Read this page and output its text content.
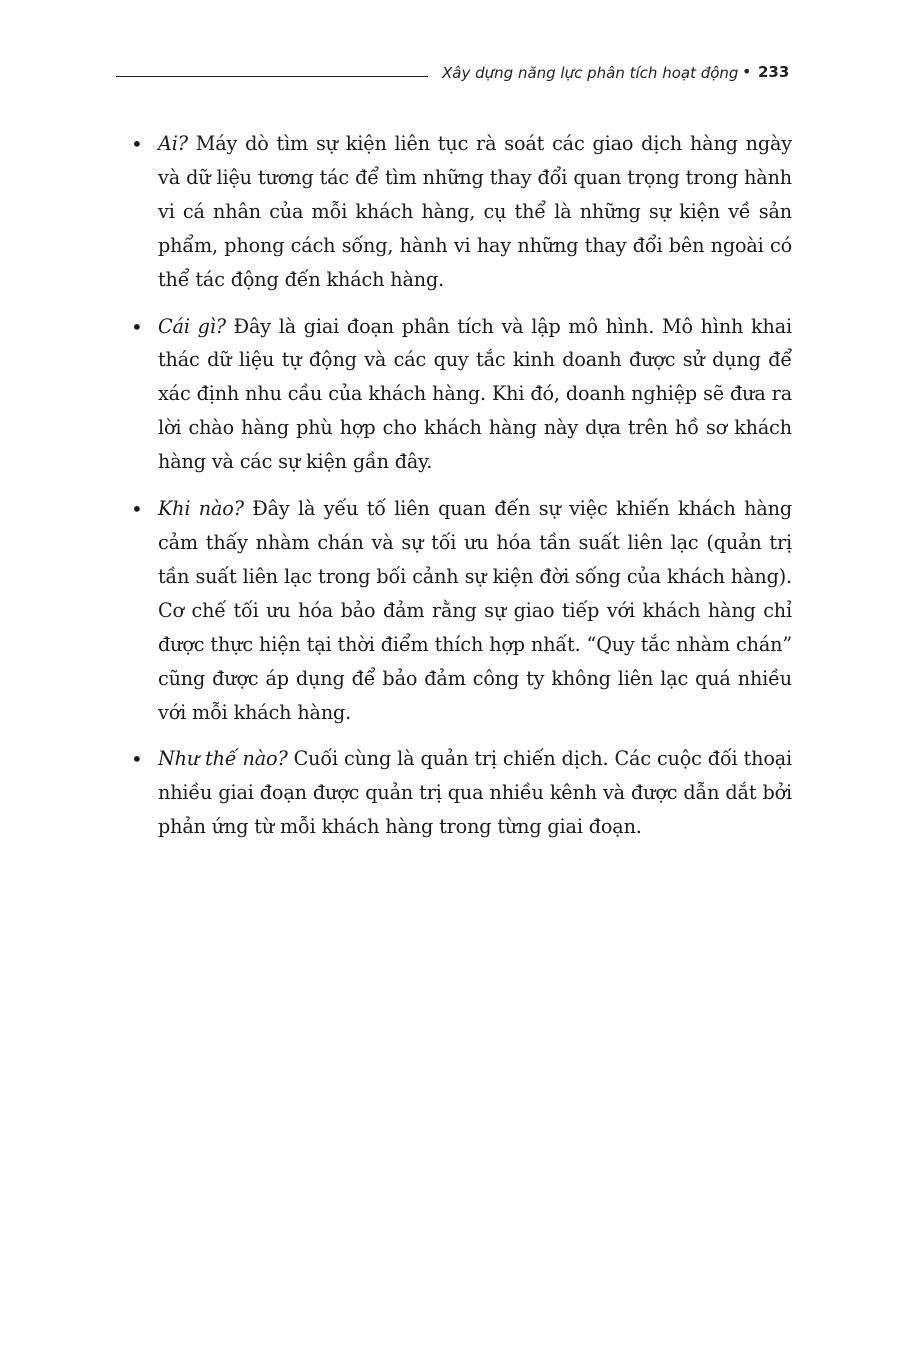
Xây dựng năng lực phân tích hoạt động • 233
• Ai? Máy dò tìm sự kiện liên tục rà soát các giao dịch hàng ngày và dữ liệu tương tác để tìm những thay đổi quan trọng trong hành vi cá nhân của mỗi khách hàng, cụ thể là những sự kiện về sản phẩm, phong cách sống, hành vi hay những thay đổi bên ngoài có thể tác động đến khách hàng.
• Cái gì? Đây là giai đoạn phân tích và lập mô hình. Mô hình khai thác dữ liệu tự động và các quy tắc kinh doanh được sử dụng để xác định nhu cầu của khách hàng. Khi đó, doanh nghiệp sẽ đưa ra lời chào hàng phù hợp cho khách hàng này dựa trên hồ sơ khách hàng và các sự kiện gần đây.
• Khi nào? Đây là yếu tố liên quan đến sự việc khiến khách hàng cảm thấy nhàm chán và sự tối ưu hóa tần suất liên lạc (quản trị tần suất liên lạc trong bối cảnh sự kiện đời sống của khách hàng). Cơ chế tối ưu hóa bảo đảm rằng sự giao tiếp với khách hàng chỉ được thực hiện tại thời điểm thích hợp nhất. “Quy tắc nhàm chán” cũng được áp dụng để bảo đảm công ty không liên lạc quá nhiều với mỗi khách hàng.
• Như thế nào? Cuối cùng là quản trị chiến dịch. Các cuộc đối thoại nhiều giai đoạn được quản trị qua nhiều kênh và được dẫn dắt bởi phản ứng từ mỗi khách hàng trong từng giai đoạn.
